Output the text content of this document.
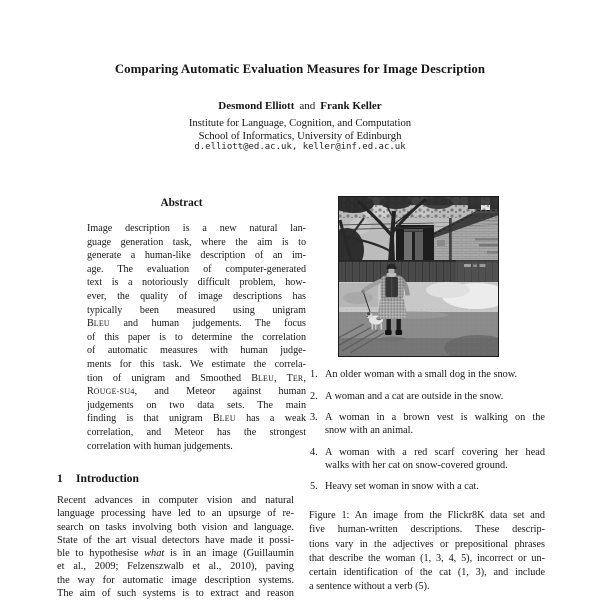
Comparing Automatic Evaluation Measures for Image Description
Desmond Elliott and Frank Keller
Institute for Language, Cognition, and Computation
School of Informatics, University of Edinburgh
d.elliott@ed.ac.uk, keller@inf.ed.ac.uk
Abstract
Image description is a new natural lan-
guage generation task, where the aim is to
generate a human-like description of an im-
age. The evaluation of computer-generated
text is a notoriously difficult problem, how-
ever, the quality of image descriptions has
typically been measured using unigram
BLEU and human judgements. The focus
of this paper is to determine the correlation
of automatic measures with human judge-
ments for this task. We estimate the correla-
tion of unigram and Smoothed BLEU, TER,
ROUGE-SU4, and Meteor against human
judgements on two data sets. The main
finding is that unigram BLEU has a weak
correlation, and Meteor has the strongest
correlation with human judgements.
1 Introduction
Recent advances in computer vision and natural
language processing have led to an upsurge of re-
search on tasks involving both vision and language.
State of the art visual detectors have made it possi-
ble to hypothesise what is in an image (Guillaumin
et al., 2009; Felzenszwalb et al., 2010), paving
the way for automatic image description systems.
The aim of such systems is to extract and reason
1. An older woman with a small dog in the snow.
2. A woman and a cat are outside in the snow.
3. A woman in a brown vest is walking on the
snow with an animal.
4. A woman with a red scarf covering her head
walks with her cat on snow-covered ground.
5. Heavy set woman in snow with a cat.
Figure 1: An image from the Flickr8K data set and
five human-written descriptions. These descrip-
tions vary in the adjectives or prepositional phrases
that describe the woman (1, 3, 4, 5), incorrect or un-
certain identification of the cat (1, 3), and include
a sentence without a verb (5).
